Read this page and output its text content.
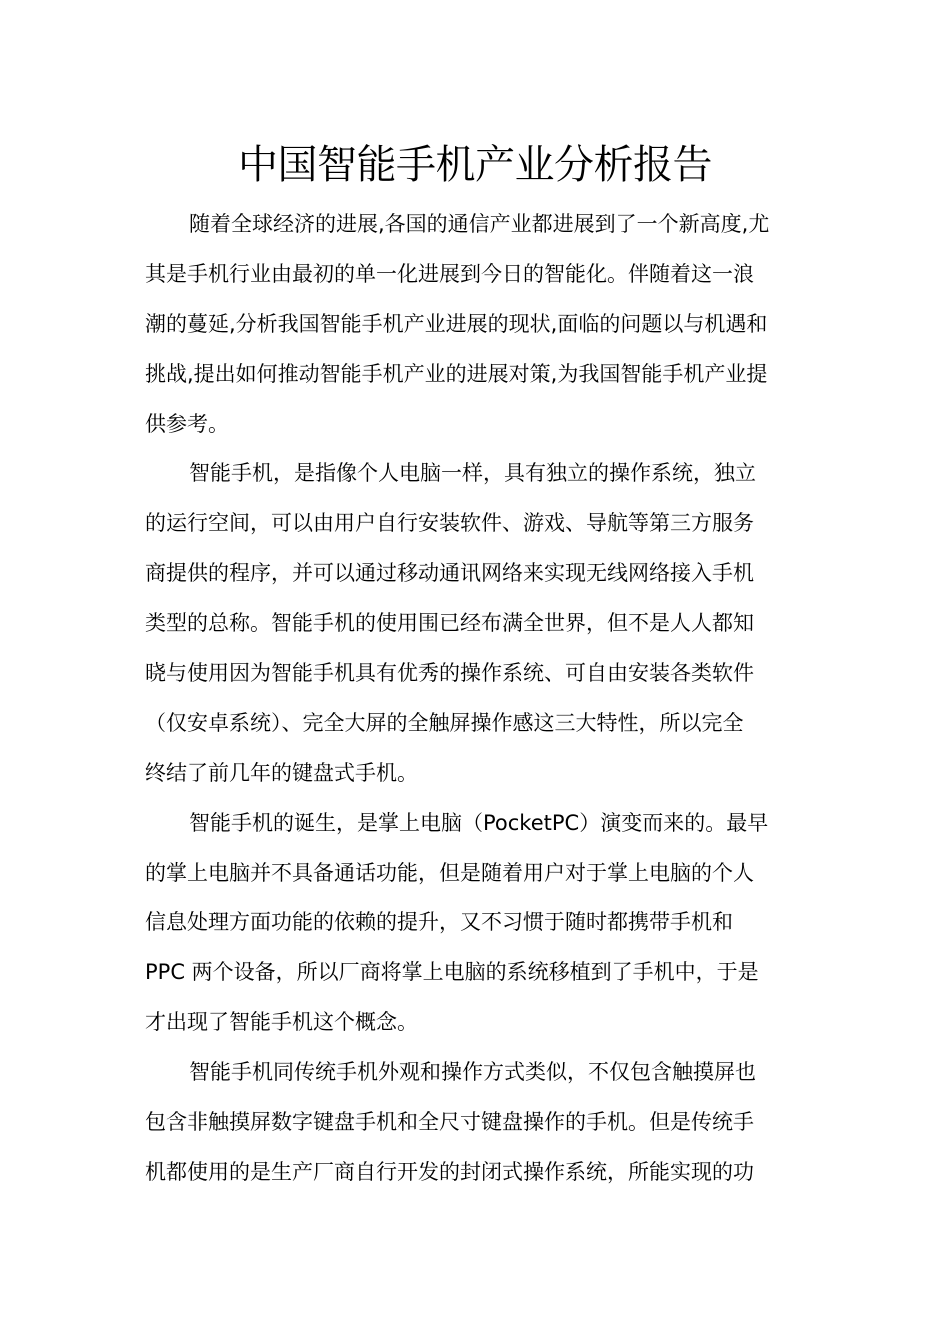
中国智能手机产业分析报告
随着全球经济的进展,各国的通信产业都进展到了一个新高度,尤
其是手机行业由最初的单一化进展到今日的智能化。伴随着这一浪
潮的蔓延,分析我国智能手机产业进展的现状,面临的问题以与机遇和
挑战,提出如何推动智能手机产业的进展对策,为我国智能手机产业提
供参考。
智能手机，是指像个人电脑一样，具有独立的操作系统，独立
的运行空间，可以由用户自行安装软件、游戏、导航等第三方服务
商提供的程序，并可以通过移动通讯网络来实现无线网络接入手机
类型的总称。智能手机的使用围已经布满全世界，但不是人人都知
晓与使用因为智能手机具有优秀的操作系统、可自由安装各类软件
（仅安卓系统）、完全大屏的全触屏操作感这三大特性，所以完全
终结了前几年的键盘式手机。
智能手机的诞生，是掌上电脑（PocketPC）演变而来的。最早
的掌上电脑并不具备通话功能，但是随着用户对于掌上电脑的个人
信息处理方面功能的依赖的提升，又不习惯于随时都携带手机和
PPC 两个设备，所以厂商将掌上电脑的系统移植到了手机中，于是
才出现了智能手机这个概念。
智能手机同传统手机外观和操作方式类似，不仅包含触摸屏也
包含非触摸屏数字键盘手机和全尺寸键盘操作的手机。但是传统手
机都使用的是生产厂商自行开发的封闭式操作系统，所能实现的功
